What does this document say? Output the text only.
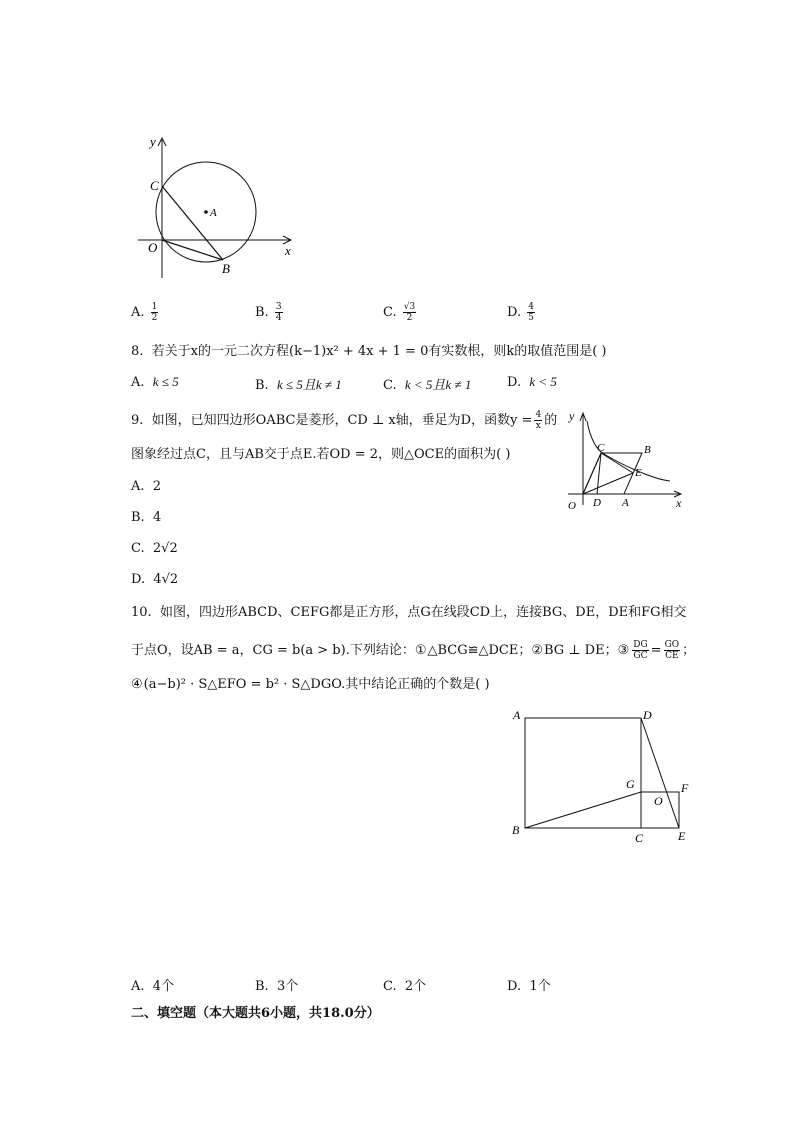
y
x
C
A
O
B
A. $\frac{1}{2}$	B. $\frac{3}{4}$	C. $\frac{√3}{2}$	D. $\frac{4}{5}$
8. 若关于x的一元二次方程(k−1)x² + 4x + 1 = 0有实数根，则k的取值范围是( )
A. k ≤ 5	B. k ≤ 5且k ≠ 1	C. k < 5且k ≠ 1	D. k < 5
9. 如图，已知四边形OABC是菱形，CD ⊥ x轴，垂足为D，函数$y = \frac{4}{x}$ 的
图象经过点C，且与AB交于点E.若OD = 2，则△OCE的面积为( )
A. 2
B. 4
C. 2√2
D. 4√2
y
x
C	B
E
O D A
10. 如图，四边形ABCD、CEFG都是正方形，点G在线段CD上，连接BG、DE，DE和FG相交
于点O，设AB = a，CG = b(a > b).下列结论：①△BCG≌△DCE；②BG ⊥ DE；③ $\frac{DG}{GC} = \frac{GO}{CE}$ ；
④(a−b)² · S△EFO = b² · S△DGO.其中结论正确的个数是( )
A	D
G
O
F
B
C	E
A. 4个	B. 3个	C. 2个	D. 1个
二、填空题（本大题共6小题，共18.0分）
